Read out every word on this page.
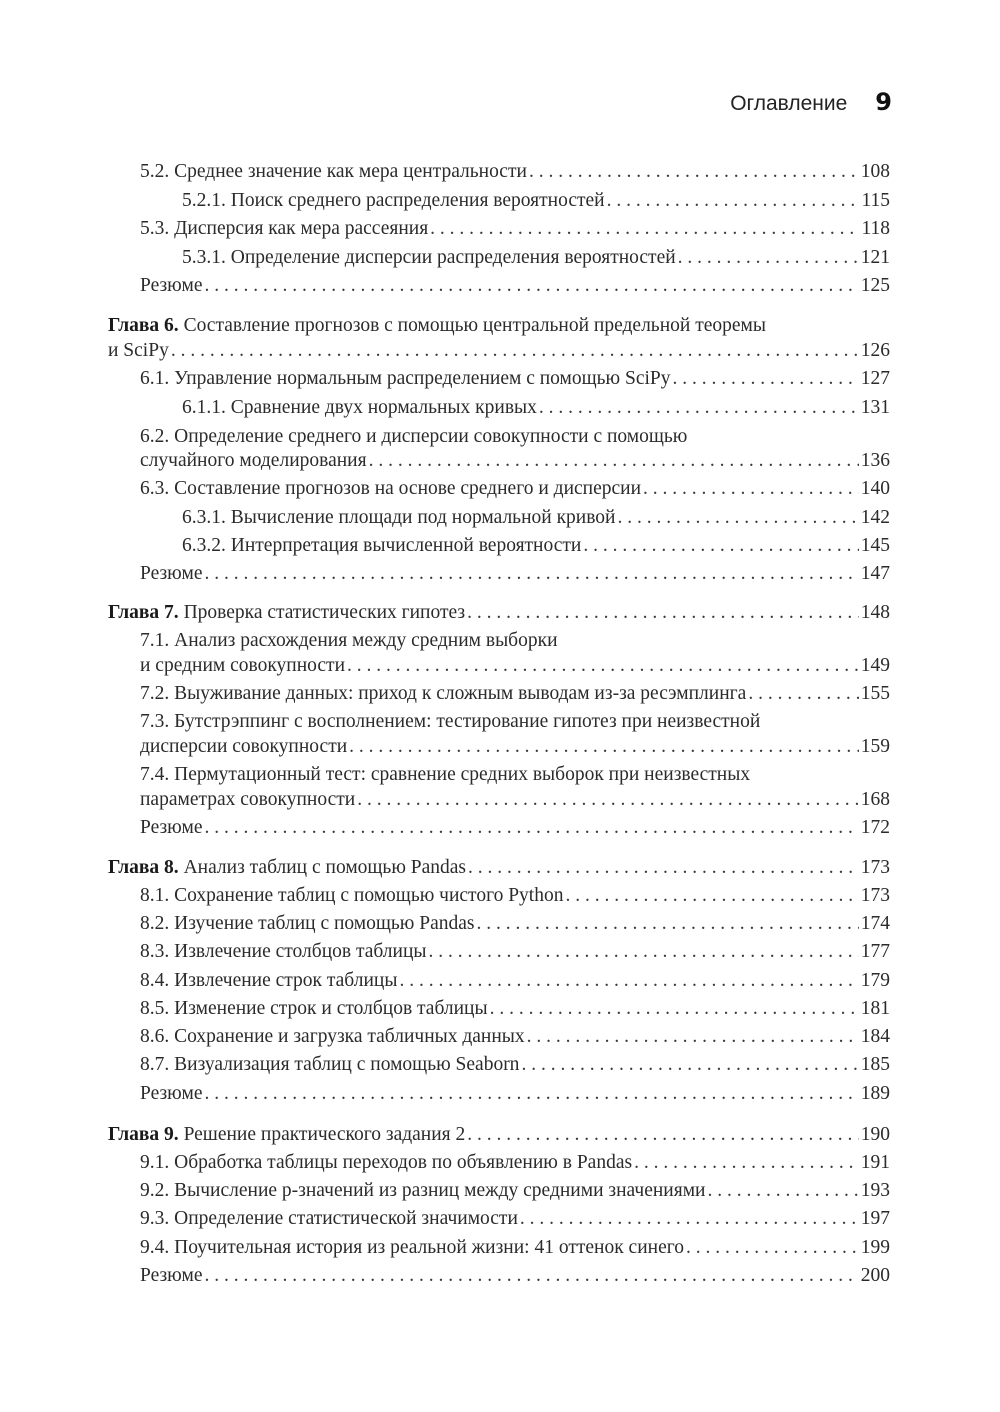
Оглавление 9
5.2. Среднее значение как мера центральности . . .	108
5.2.1. Поиск среднего распределения вероятностей . . .	115
5.3. Дисперсия как мера рассеяния . . .	118
5.3.1. Определение дисперсии распределения вероятностей . . .	121
Резюме . . .	125
Глава 6. Составление прогнозов с помощью центральной предельной теоремы
и SciPy . . .	126
6.1. Управление нормальным распределением с помощью SciPy . . .	127
6.1.1. Сравнение двух нормальных кривых . . .	131
6.2. Определение среднего и дисперсии совокупности с помощью
случайного моделирования . . .	136
6.3. Составление прогнозов на основе среднего и дисперсии . . .	140
6.3.1. Вычисление площади под нормальной кривой . . .	142
6.3.2. Интерпретация вычисленной вероятности . . .	145
Резюме . . .	147
Глава 7. Проверка статистических гипотез . . .	148
7.1. Анализ расхождения между средним выборки
и средним совокупности . . .	149
7.2. Выуживание данных: приход к сложным выводам из-за ресэмплинга . . .	155
7.3. Бутстрэппинг с восполнением: тестирование гипотез при неизвестной
дисперсии совокупности . . .	159
7.4. Пермутационный тест: сравнение средних выборок при неизвестных
параметрах совокупности . . .	168
Резюме . . .	172
Глава 8. Анализ таблиц с помощью Pandas . . .	173
8.1. Сохранение таблиц с помощью чистого Python . . .	173
8.2. Изучение таблиц с помощью Pandas . . .	174
8.3. Извлечение столбцов таблицы . . .	177
8.4. Извлечение строк таблицы . . .	179
8.5. Изменение строк и столбцов таблицы . . .	181
8.6. Сохранение и загрузка табличных данных . . .	184
8.7. Визуализация таблиц с помощью Seaborn . . .	185
Резюме . . .	189
Глава 9. Решение практического задания 2 . . .	190
9.1. Обработка таблицы переходов по объявлению в Pandas . . .	191
9.2. Вычисление p-значений из разниц между средними значениями . . .	193
9.3. Определение статистической значимости . . .	197
9.4. Поучительная история из реальной жизни: 41 оттенок синего . . .	199
Резюме . . .	200
